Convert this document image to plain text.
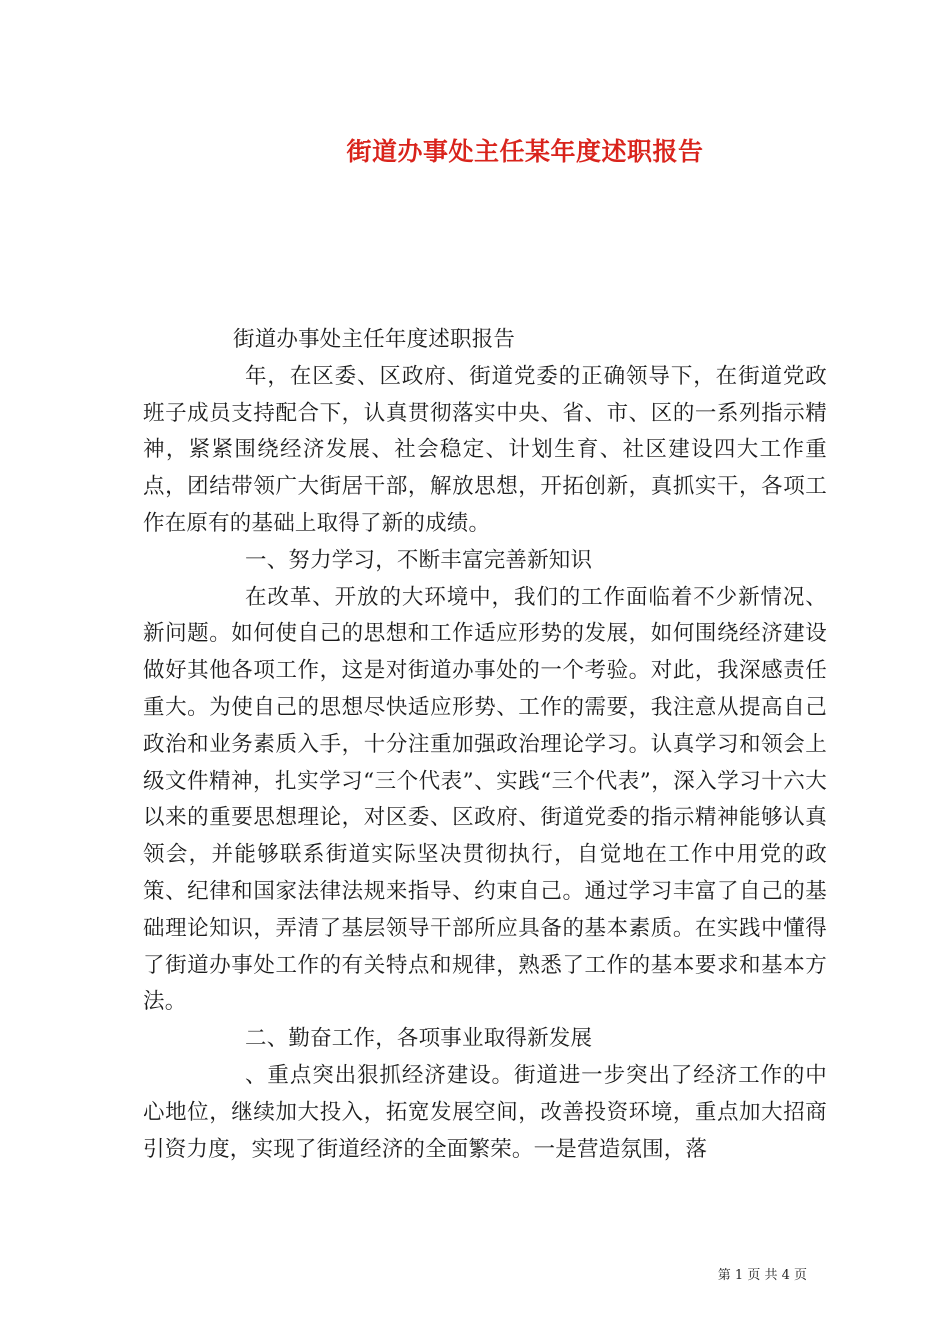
街道办事处主任某年度述职报告

街道办事处主任年度述职报告

年，在区委、区政府、街道党委的正确领导下，在街道党政班子成员支持配合下，认真贯彻落实中央、省、市、区的一系列指示精神，紧紧围绕经济发展、社会稳定、计划生育、社区建设四大工作重点，团结带领广大街居干部，解放思想，开拓创新，真抓实干，各项工作在原有的基础上取得了新的成绩。

一、努力学习，不断丰富完善新知识

在改革、开放的大环境中，我们的工作面临着不少新情况、新问题。如何使自己的思想和工作适应形势的发展，如何围绕经济建设做好其他各项工作，这是对街道办事处的一个考验。对此，我深感责任重大。为使自己的思想尽快适应形势、工作的需要，我注意从提高自己政治和业务素质入手，十分注重加强政治理论学习。认真学习和领会上级文件精神，扎实学习“三个代表”、实践“三个代表”，深入学习十六大以来的重要思想理论，对区委、区政府、街道党委的指示精神能够认真领会，并能够联系街道实际坚决贯彻执行，自觉地在工作中用党的政策、纪律和国家法律法规来指导、约束自己。通过学习丰富了自己的基础理论知识，弄清了基层领导干部所应具备的基本素质。在实践中懂得了街道办事处工作的有关特点和规律，熟悉了工作的基本要求和基本方法。

二、勤奋工作，各项事业取得新发展

、重点突出狠抓经济建设。街道进一步突出了经济工作的中心地位，继续加大投入，拓宽发展空间，改善投资环境，重点加大招商引资力度，实现了街道经济的全面繁荣。一是营造氛围，落

第 1 页 共 4 页
